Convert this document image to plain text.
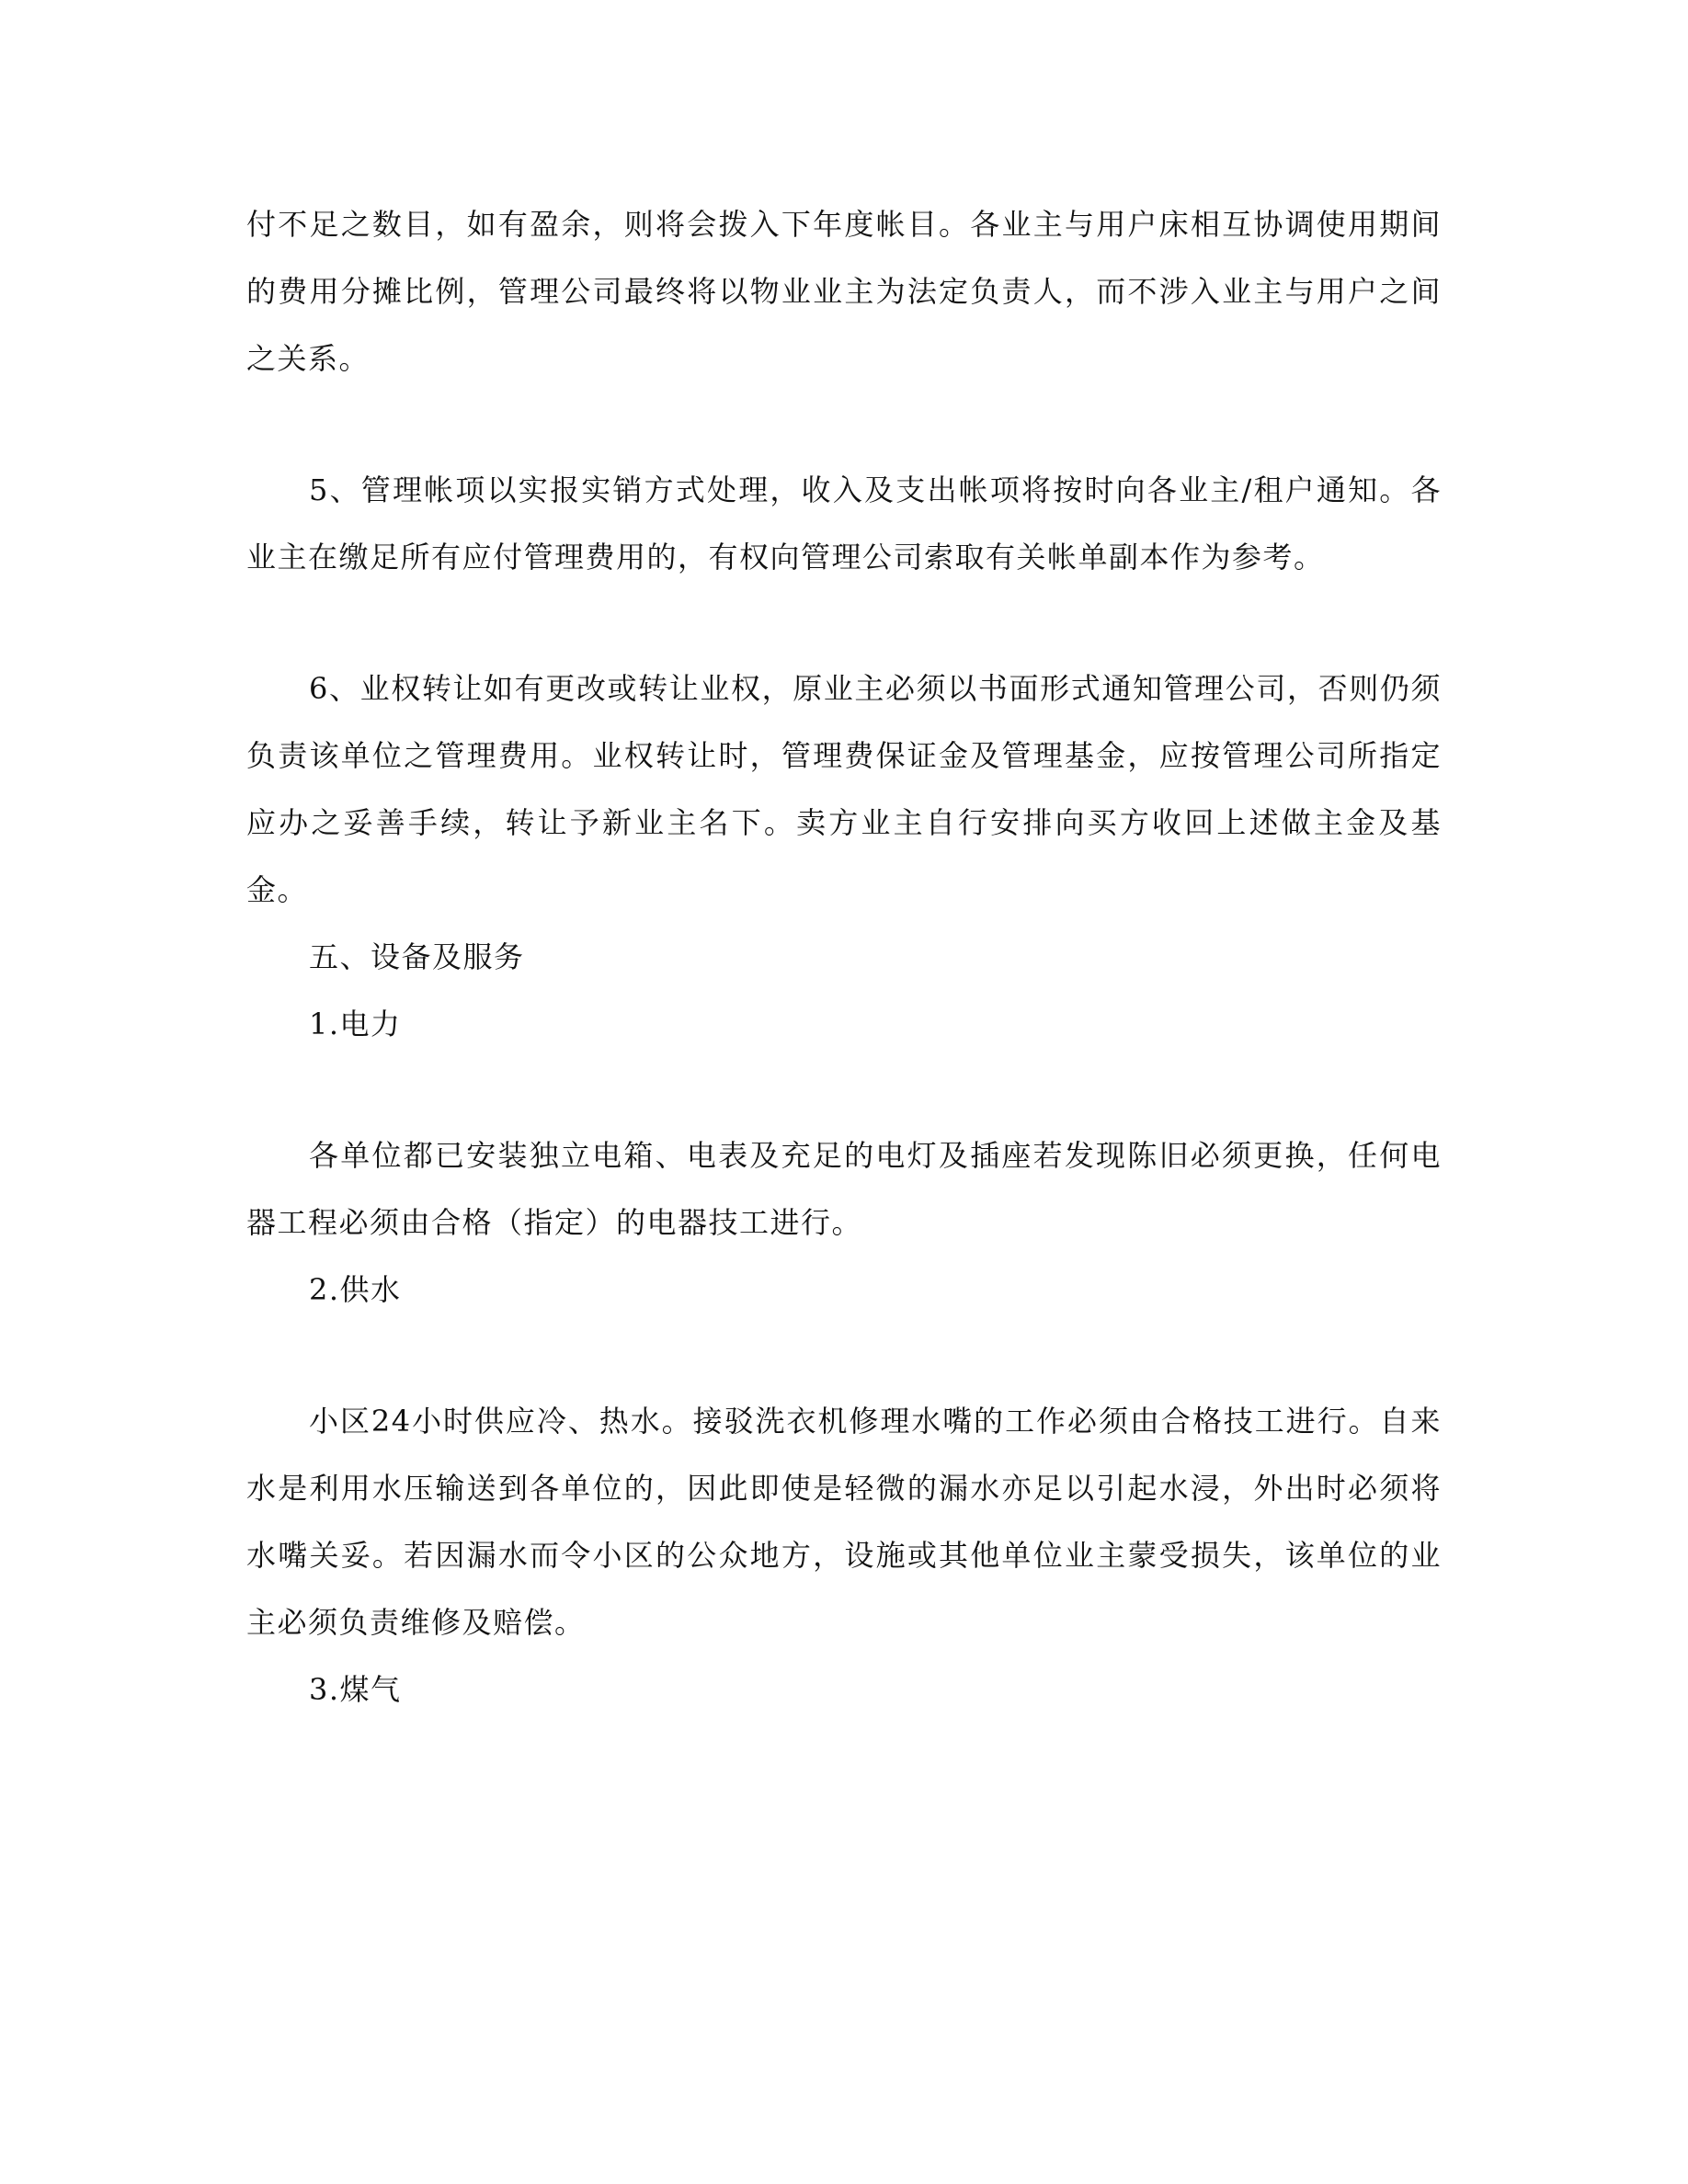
付不足之数目，如有盈余，则将会拨入下年度帐目。各业主与用户床相互协调使用期间的费用分摊比例，管理公司最终将以物业业主为法定负责人，而不涉入业主与用户之间之关系。

5、管理帐项以实报实销方式处理，收入及支出帐项将按时向各业主/租户通知。各业主在缴足所有应付管理费用的，有权向管理公司索取有关帐单副本作为参考。

6、业权转让如有更改或转让业权，原业主必须以书面形式通知管理公司，否则仍须负责该单位之管理费用。业权转让时，管理费保证金及管理基金，应按管理公司所指定应办之妥善手续，转让予新业主名下。卖方业主自行安排向买方收回上述做主金及基金。

五、设备及服务

1.电力

各单位都已安装独立电箱、电表及充足的电灯及插座若发现陈旧必须更换，任何电器工程必须由合格（指定）的电器技工进行。

2.供水

小区24小时供应冷、热水。接驳洗衣机修理水嘴的工作必须由合格技工进行。自来水是利用水压输送到各单位的，因此即使是轻微的漏水亦足以引起水浸，外出时必须将水嘴关妥。若因漏水而令小区的公众地方，设施或其他单位业主蒙受损失，该单位的业主必须负责维修及赔偿。

3.煤气
